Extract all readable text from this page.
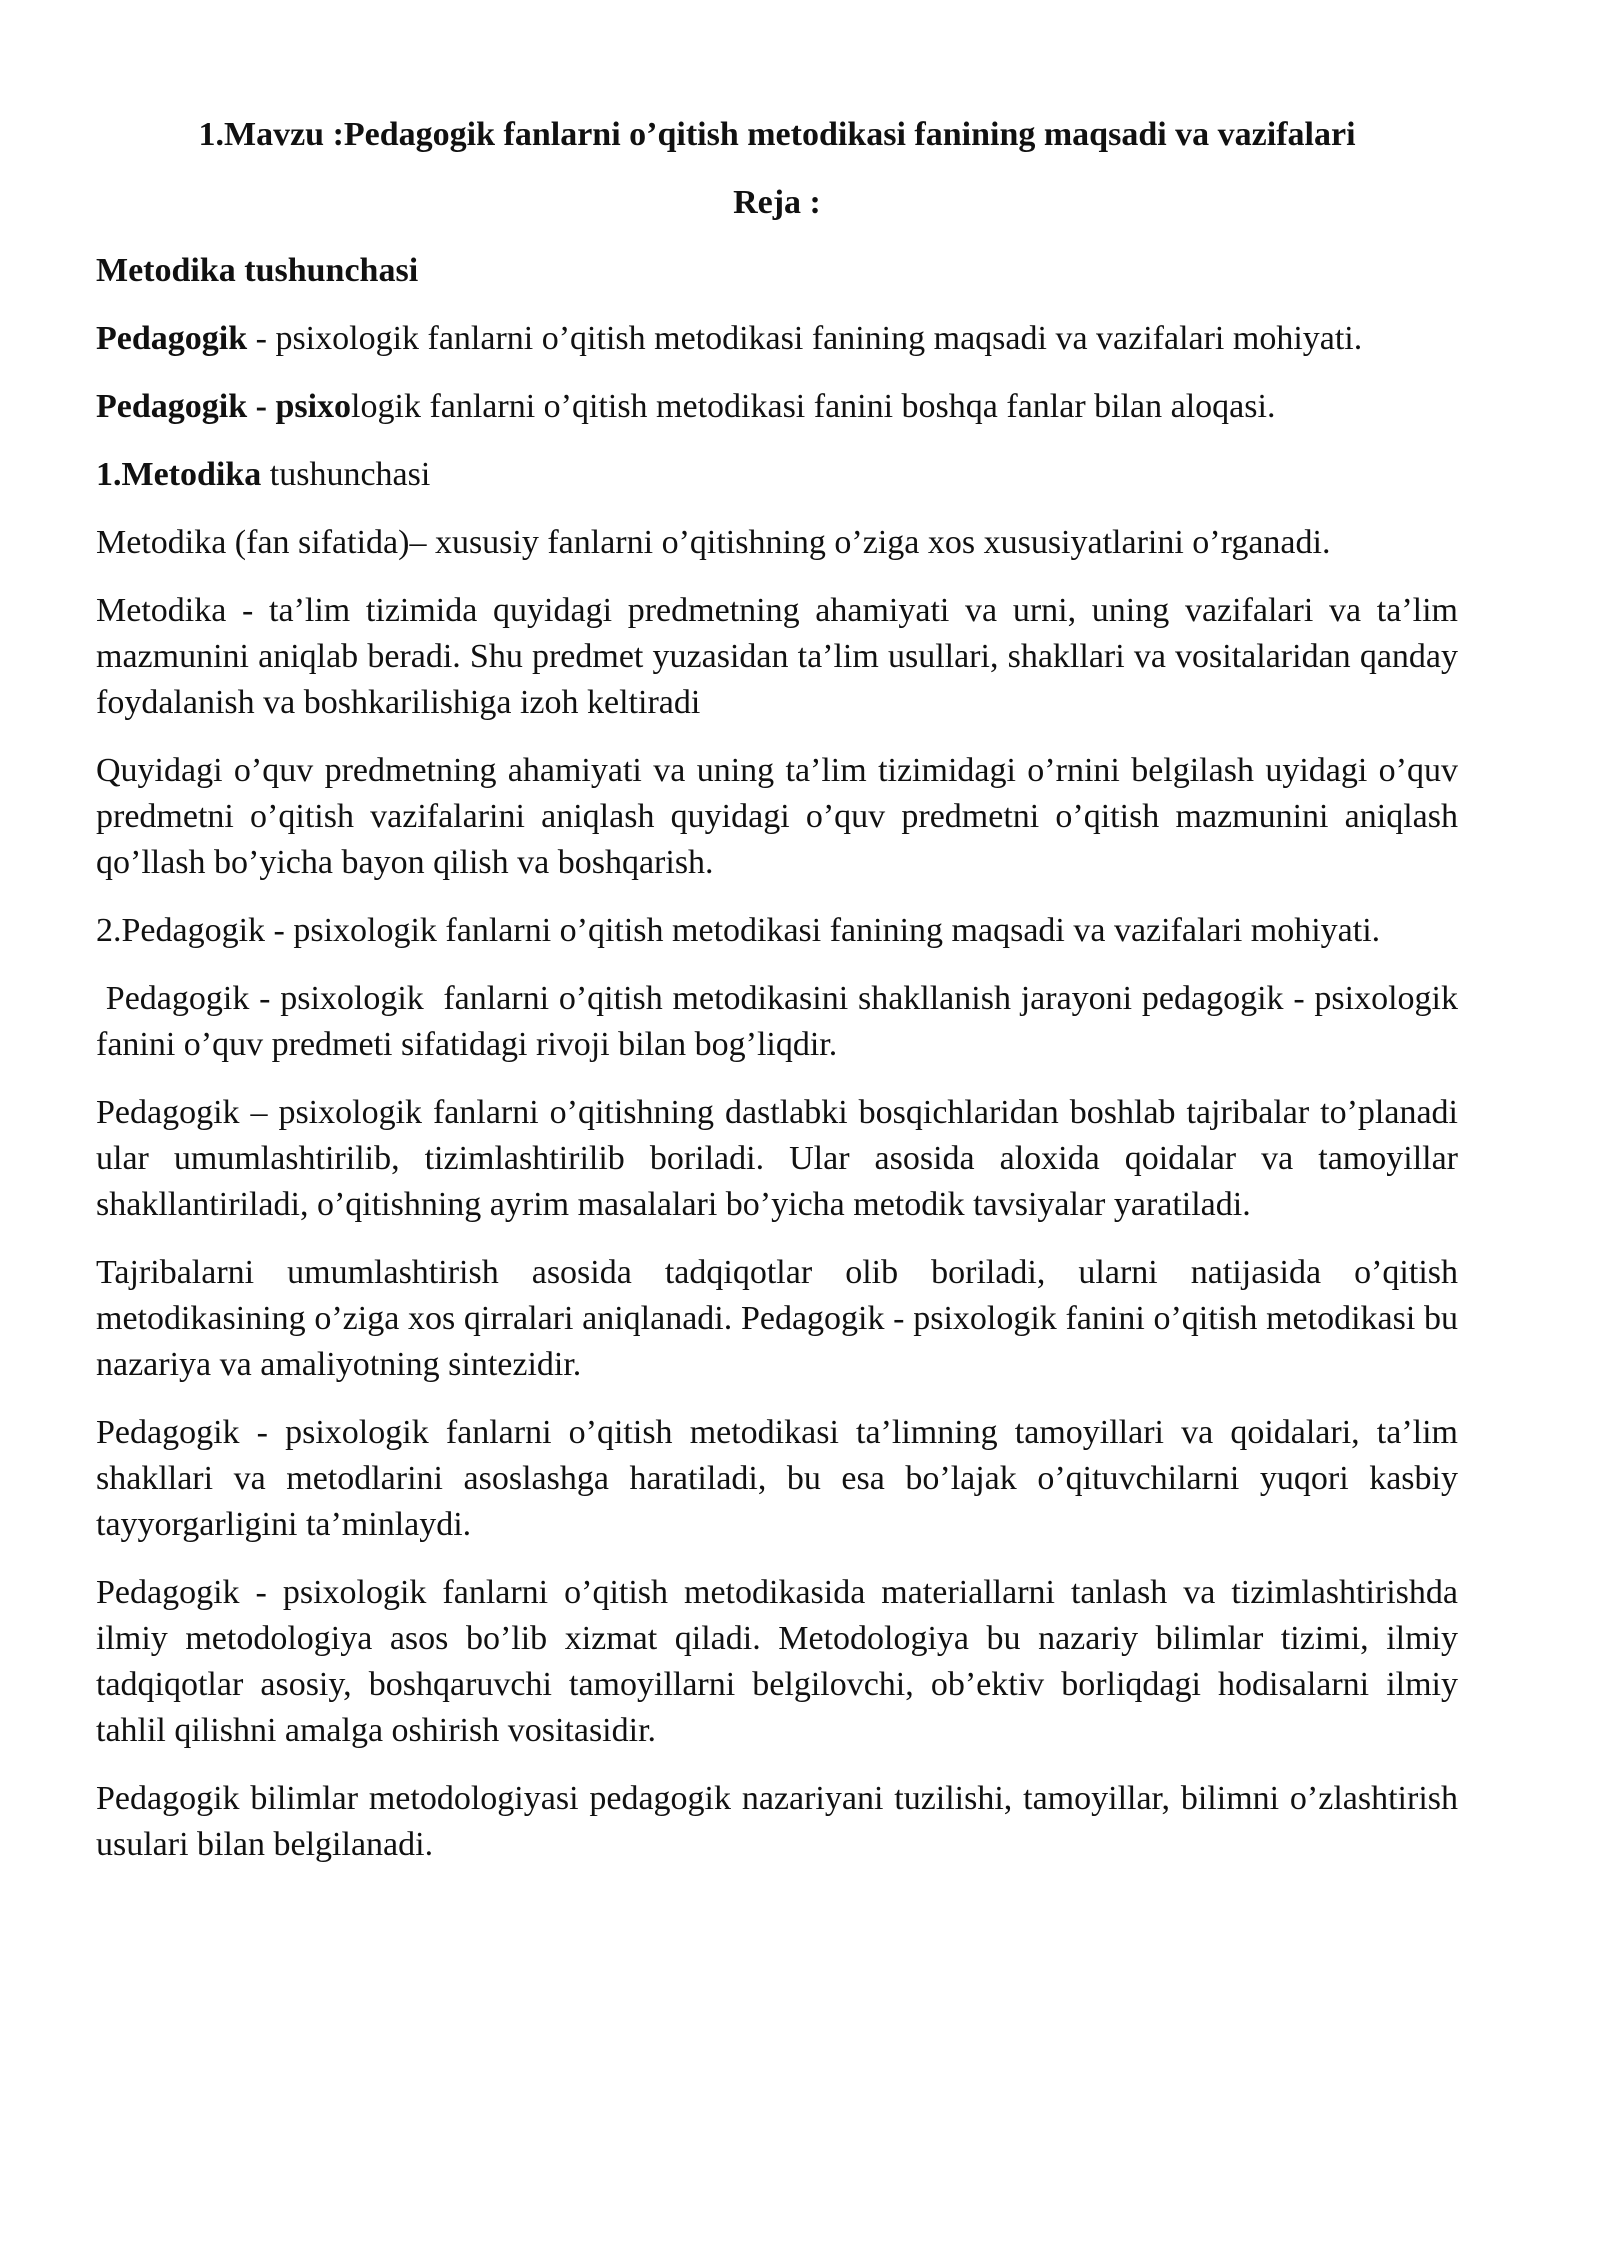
1.Mavzu :Pedagogik fanlarni o’qitish metodikasi fanining maqsadi va vazifalari
Reja :

Metodika tushunchasi

Pedagogik - psixologik fanlarni o’qitish metodikasi fanining maqsadi va vazifalari mohiyati.

Pedagogik - psixologik fanlarni o’qitish metodikasi fanini boshqa fanlar bilan aloqasi.

1.Metodika tushunchasi

Metodika (fan sifatida)– xususiy fanlarni o’qitishning o’ziga xos xususiyatlarini o’rganadi.

Metodika - ta’lim tizimida quyidagi predmetning ahamiyati va urni, uning vazifalari va ta’lim mazmunini aniqlab beradi. Shu predmet yuzasidan ta’lim usullari, shakllari va vositalaridan qanday foydalanish va boshkarilishiga izoh keltiradi

Quyidagi o’quv predmetning ahamiyati va uning ta’lim tizimidagi o’rnini belgilash uyidagi o’quv predmetni o’qitish vazifalarini aniqlash quyidagi o’quv predmetni o’qitish mazmunini aniqlash qo’llash bo’yicha bayon qilish va boshqarish.

2.Pedagogik - psixologik fanlarni o’qitish metodikasi fanining maqsadi va vazifalari mohiyati.

Pedagogik - psixologik  fanlarni o’qitish metodikasini shakllanish jarayoni pedagogik - psixologik fanini o’quv predmeti sifatidagi rivoji bilan bog’liqdir.

Pedagogik – psixologik fanlarni o’qitishning dastlabki bosqichlaridan boshlab tajribalar to’planadi ular umumlashtirilib, tizimlashtirilib boriladi. Ular asosida aloxida qoidalar va tamoyillar shakllantiriladi, o’qitishning ayrim masalalari bo’yicha metodik tavsiyalar yaratiladi.

Tajribalarni umumlashtirish asosida tadqiqotlar olib boriladi, ularni natijasida o’qitish metodikasining o’ziga xos qirralari aniqlanadi. Pedagogik - psixologik fanini o’qitish metodikasi bu nazariya va amaliyotning sintezidir.

Pedagogik - psixologik fanlarni o’qitish metodikasi ta’limning tamoyillari va qoidalari, ta’lim shakllari va metodlarini asoslashga haratiladi, bu esa bo’lajak o’qituvchilarni yuqori kasbiy tayyorgarligini ta’minlaydi.

Pedagogik - psixologik fanlarni o’qitish metodikasida materiallarni tanlash va tizimlashtirishda ilmiy metodologiya asos bo’lib xizmat qiladi. Metodologiya bu nazariy bilimlar tizimi, ilmiy tadqiqotlar asosiy, boshqaruvchi tamoyillarni belgilovchi, ob’ektiv borliqdagi hodisalarni ilmiy tahlil qilishni amalga oshirish vositasidir.

Pedagogik bilimlar metodologiyasi pedagogik nazariyani tuzilishi, tamoyillar, bilimni o’zlashtirish usulari bilan belgilanadi.
